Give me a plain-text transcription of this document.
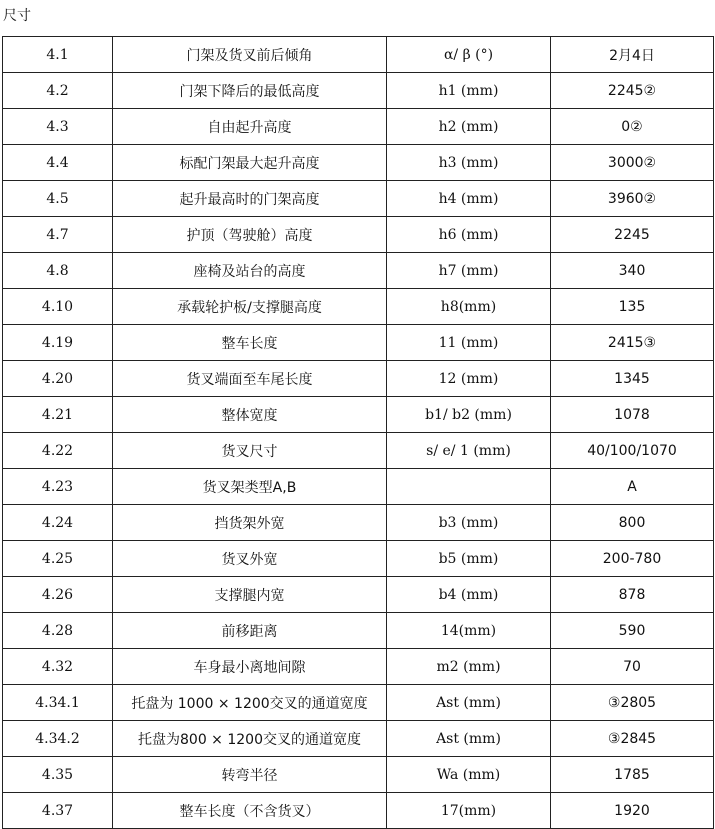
尺寸
4.1	门架及货叉前后倾角	α/ β (°)	2月4日
4.2	门架下降后的最低高度	h1 (mm)	2245②
4.3	自由起升高度	h2 (mm)	0②
4.4	标配门架最大起升高度	h3 (mm)	3000②
4.5	起升最高时的门架高度	h4 (mm)	3960②
4.7	护顶（驾驶舱）高度	h6 (mm)	2245
4.8	座椅及站台的高度	h7 (mm)	340
4.10	承载轮护板/支撑腿高度	h8(mm)	135
4.19	整车长度	11 (mm)	2415③
4.20	货叉端面至车尾长度	12 (mm)	1345
4.21	整体宽度	b1/ b2 (mm)	1078
4.22	货叉尺寸	s/ e/ 1 (mm)	40/100/1070
4.23	货叉架类型A,B		A
4.24	挡货架外宽	b3 (mm)	800
4.25	货叉外宽	b5 (mm)	200-780
4.26	支撑腿内宽	b4 (mm)	878
4.28	前移距离	14(mm)	590
4.32	车身最小离地间隙	m2 (mm)	70
4.34.1	托盘为 1000 × 1200交叉的通道宽度	Ast (mm)	③2805
4.34.2	托盘为800 × 1200交叉的通道宽度	Ast (mm)	③2845
4.35	转弯半径	Wa (mm)	1785
4.37	整车长度（不含货叉）	17(mm)	1920
